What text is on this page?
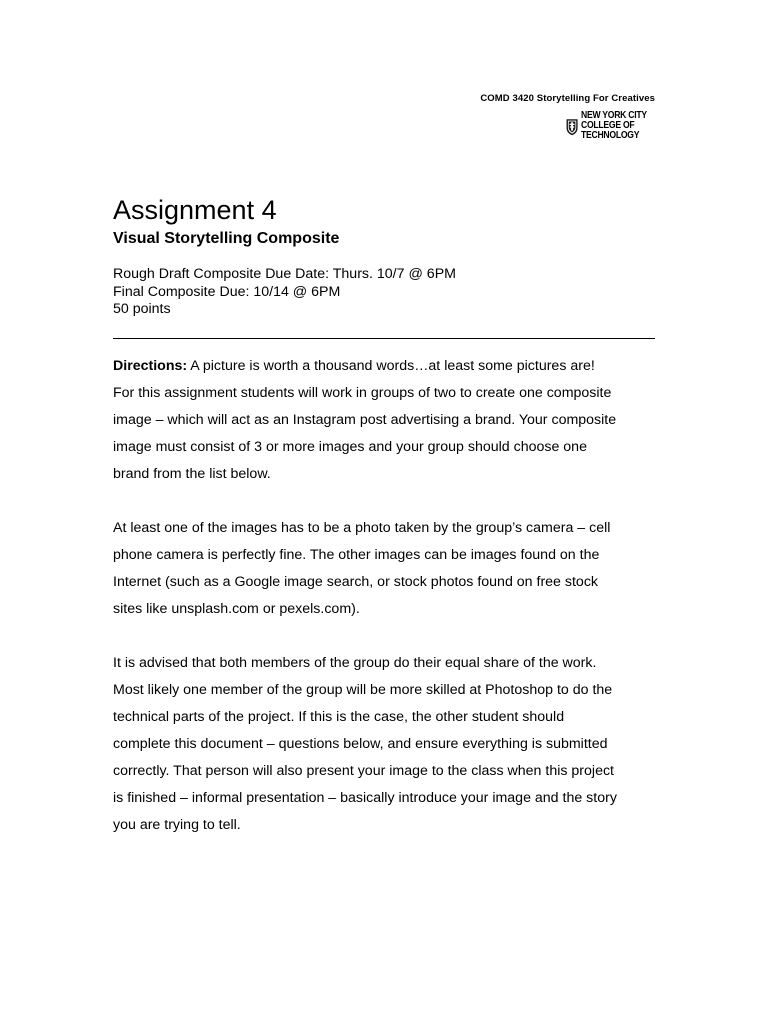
COMD 3420 Storytelling For Creatives
NEW YORK CITY
COLLEGE OF
TECHNOLOGY
Assignment 4
Visual Storytelling Composite
Rough Draft Composite Due Date: Thurs. 10/7 @ 6PM
Final Composite Due: 10/14 @ 6PM
50 points

Directions: A picture is worth a thousand words…at least some pictures are!
For this assignment students will work in groups of two to create one composite
image – which will act as an Instagram post advertising a brand. Your composite
image must consist of 3 or more images and your group should choose one
brand from the list below.

At least one of the images has to be a photo taken by the group’s camera – cell
phone camera is perfectly fine. The other images can be images found on the
Internet (such as a Google image search, or stock photos found on free stock
sites like unsplash.com or pexels.com).

It is advised that both members of the group do their equal share of the work.
Most likely one member of the group will be more skilled at Photoshop to do the
technical parts of the project. If this is the case, the other student should
complete this document – questions below, and ensure everything is submitted
correctly. That person will also present your image to the class when this project
is finished – informal presentation – basically introduce your image and the story
you are trying to tell.
